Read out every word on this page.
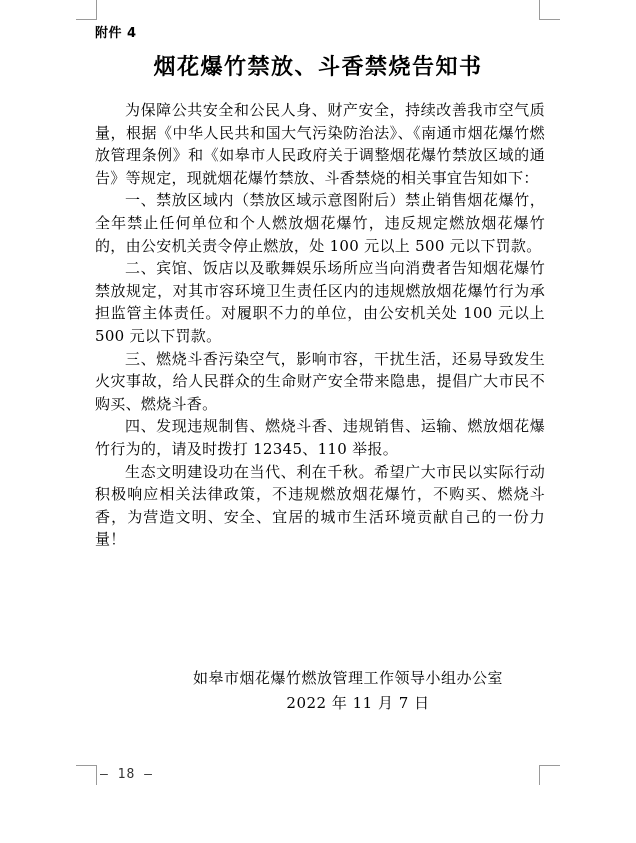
附件 4
烟花爆竹禁放、斗香禁烧告知书

为保障公共安全和公民人身、财产安全，持续改善我市空气质量，根据《中华人民共和国大气污染防治法》、《南通市烟花爆竹燃放管理条例》和《如皋市人民政府关于调整烟花爆竹禁放区域的通告》等规定，现就烟花爆竹禁放、斗香禁烧的相关事宜告知如下：

一、禁放区域内（禁放区域示意图附后）禁止销售烟花爆竹，全年禁止任何单位和个人燃放烟花爆竹，违反规定燃放烟花爆竹的，由公安机关责令停止燃放，处 100 元以上 500 元以下罚款。

二、宾馆、饭店以及歌舞娱乐场所应当向消费者告知烟花爆竹禁放规定，对其市容环境卫生责任区内的违规燃放烟花爆竹行为承担监管主体责任。对履职不力的单位，由公安机关处 100 元以上 500 元以下罚款。

三、燃烧斗香污染空气，影响市容，干扰生活，还易导致发生火灾事故，给人民群众的生命财产安全带来隐患，提倡广大市民不购买、燃烧斗香。

四、发现违规制售、燃烧斗香、违规销售、运输、燃放烟花爆竹行为的，请及时拨打 12345、110 举报。

生态文明建设功在当代、利在千秋。希望广大市民以实际行动积极响应相关法律政策，不违规燃放烟花爆竹，不购买、燃烧斗香，为营造文明、安全、宜居的城市生活环境贡献自己的一份力量！

如皋市烟花爆竹燃放管理工作领导小组办公室
2022 年 11 月 7 日
— 18 —
